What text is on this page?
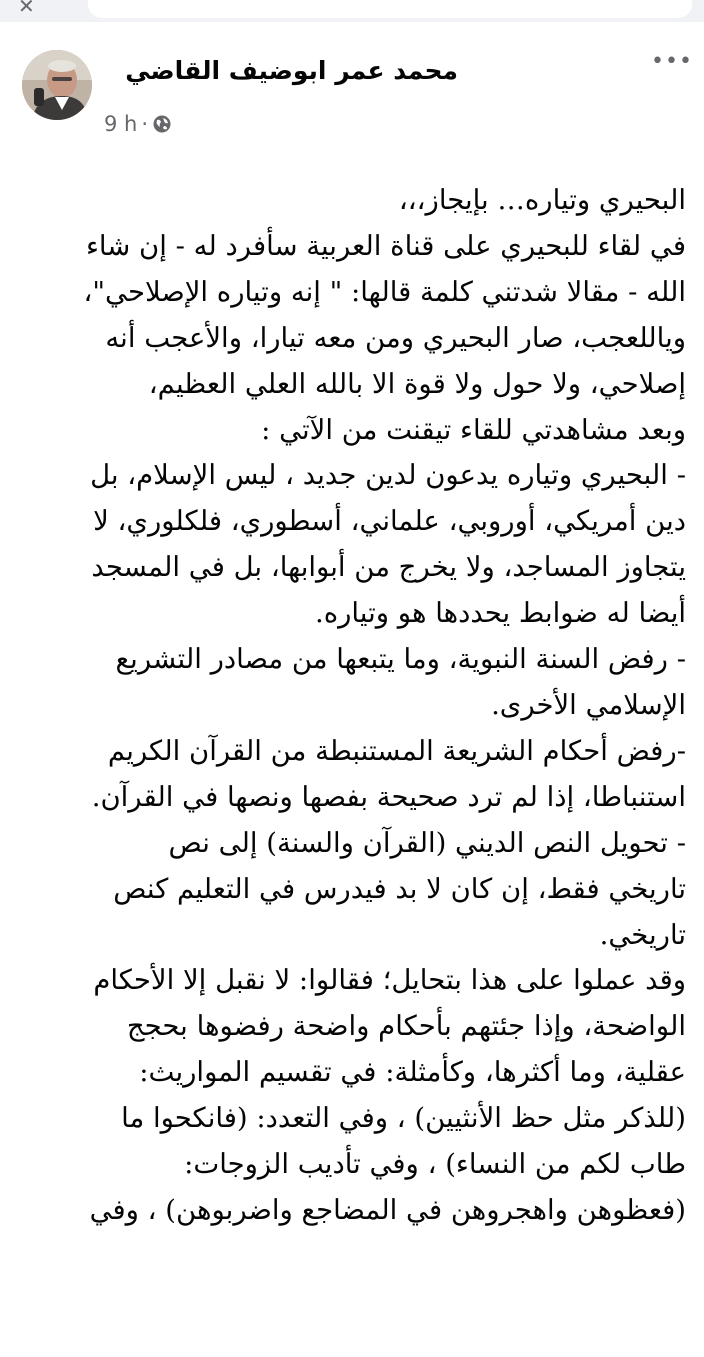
✕
محمد عمر ابوضيف القاضي
9 h ·
•••

البحيري وتياره… بإيجاز،،،

في لقاء للبحيري على قناة العربية سأفرد له - إن شاء

الله - مقالا شدتني كلمة قالها: " إنه وتياره الإصلاحي"،

وياللعجب، صار البحيري ومن معه تيارا، والأعجب أنه

إصلاحي، ولا حول ولا قوة الا بالله العلي العظيم،

وبعد مشاهدتي للقاء تيقنت من الآتي :

- البحيري وتياره يدعون لدين جديد ، ليس الإسلام، بل

دين أمريكي، أوروبي، علماني، أسطوري، فلكلوري، لا

يتجاوز المساجد، ولا يخرج من أبوابها، بل في المسجد

أيضا له ضوابط يحددها هو وتياره.

- رفض السنة النبوية، وما يتبعها من مصادر التشريع

الإسلامي الأخرى.

-رفض أحكام الشريعة المستنبطة من القرآن الكريم

استنباطا، إذا لم ترد صحيحة بفصها ونصها في القرآن.

- تحويل النص الديني (القرآن والسنة) إلى نص

تاريخي فقط، إن كان لا بد فيدرس في التعليم كنص

تاريخي.

وقد عملوا على هذا بتحايل؛ فقالوا: لا نقبل إلا الأحكام

الواضحة، وإذا جئتهم بأحكام واضحة رفضوها بحجج

عقلية، وما أكثرها، وكأمثلة: في تقسيم المواريث:

(للذكر مثل حظ الأنثيين) ، وفي التعدد: (فانكحوا ما

طاب لكم من النساء) ، وفي تأديب الزوجات:

(فعظوهن واهجروهن في المضاجع واضربوهن) ، وفي
